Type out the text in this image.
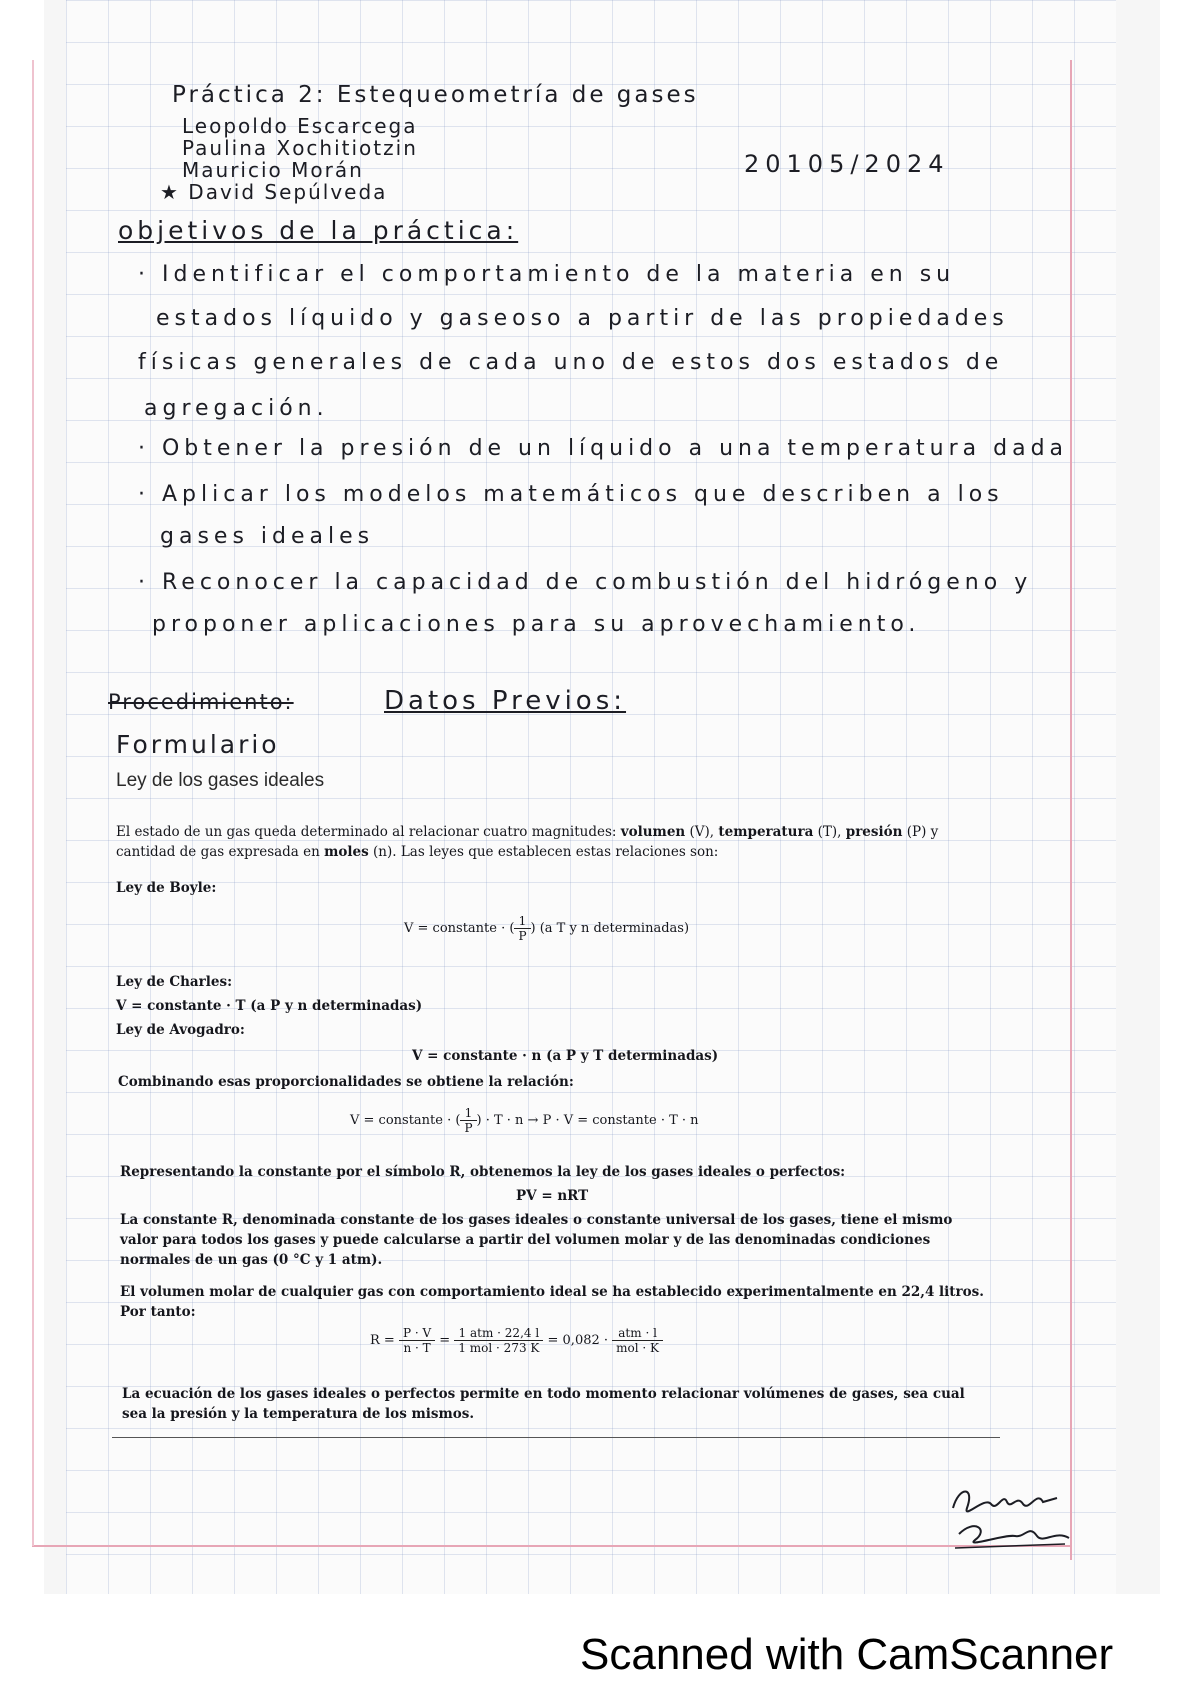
Práctica 2: Estequeometría de gases
Leopoldo Escarcega
Paulina Xochitiotzin
Mauricio Morán
★ David Sepúlveda
20105/2024
objetivos de la práctica:
· Identificar el comportamiento de la materia en su
estados líquido y gaseoso a partir de las propiedades
físicas generales de cada uno de estos dos estados de
agregación.
· Obtener la presión de un líquido a una temperatura dada
· Aplicar los modelos matemáticos que describen a los
gases ideales
· Reconocer la capacidad de combustión del hidrógeno y
proponer aplicaciones para su aprovechamiento.
Procedimiento:	Datos Previos:
Formulario
Ley de los gases ideales
El estado de un gas queda determinado al relacionar cuatro magnitudes: volumen (V), temperatura (T), presión (P) y cantidad de gas expresada en moles (n). Las leyes que establecen estas relaciones son:
Ley de Boyle:
V = constante · ( $\frac{1}{P}$ ) (a T y n determinadas)
Ley de Charles:
V = constante · T (a P y n determinadas)
Ley de Avogadro:
V = constante · n (a P y T determinadas)
Combinando esas proporcionalidades se obtiene la relación:
V = constante · ( $\frac{1}{P}$ ) · T · n → P · V = constante · T · n
Representando la constante por el símbolo R, obtenemos la ley de los gases ideales o perfectos:
PV = nRT
La constante R, denominada constante de los gases ideales o constante universal de los gases, tiene el mismo valor para todos los gases y puede calcularse a partir del volumen molar y de las denominadas condiciones normales de un gas (0 °C y 1 atm).
El volumen molar de cualquier gas con comportamiento ideal se ha establecido experimentalmente en 22,4 litros. Por tanto:
$R = \frac{P \cdot V}{n \cdot T} = \frac{\text{1 atm · 22,4 l}}{\text{1 mol · 273 K}} = 0,082 \cdot \frac{\text{atm · l}}{\text{mol · K}}$
La ecuación de los gases ideales o perfectos permite en todo momento relacionar volúmenes de gases, sea cual sea la presión y la temperatura de los mismos.
Scanned with CamScanner
